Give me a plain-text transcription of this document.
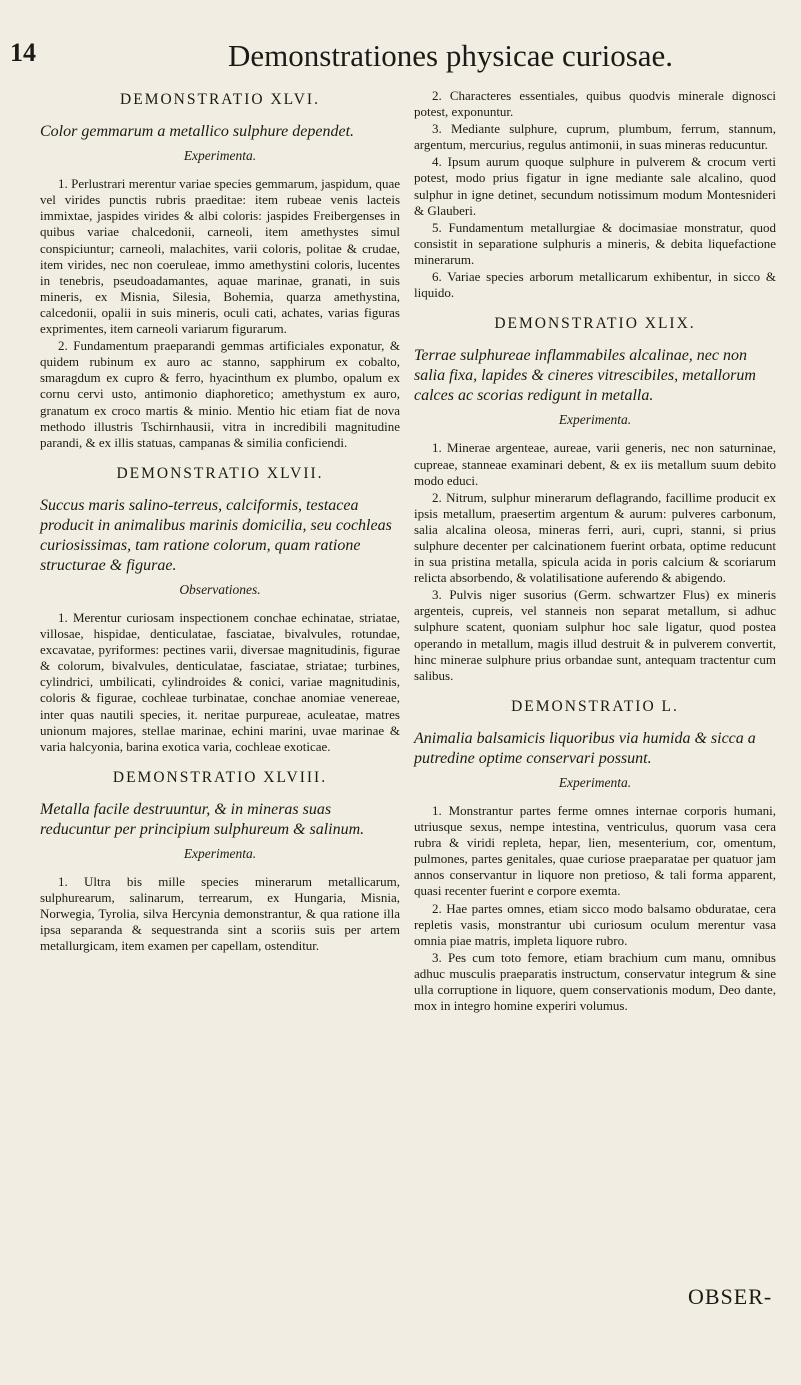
14	Demonstrationes physicae curiosae.
DEMONSTRATIO XLVI.
Color gemmarum a metallico sulphure dependet.
Experimenta.

1. Perlustrari merentur variae species gemmarum, jaspidum, quae vel virides punctis rubris praeditae: item rubeae venis lacteis immixtae, jaspides virides & albi coloris: jaspides Freibergenses in quibus variae chalcedonii, carneoli, item amethystes simul conspiciuntur; carneoli, malachites, varii coloris, politae & crudae, item virides, nec non coeruleae, immo amethystini coloris, lucentes in tenebris, pseudoadamantes, aquae marinae, granati, in suis mineris, ex Misnia, Silesia, Bohemia, quarza amethystina, calcedonii, opalii in suis mineris, oculi cati, achates, varias figuras exprimentes, item carneoli variarum figurarum.

2. Fundamentum praeparandi gemmas artificiales exponatur, & quidem rubinum ex auro ac stanno, sapphirum ex cobalto, smaragdum ex cupro & ferro, hyacinthum ex plumbo, opalum ex cornu cervi usto, antimonio diaphoretico; amethystum ex auro, granatum ex croco martis & minio. Mentio hic etiam fiat de nova methodo illustris Tschirnhausii, vitra in incredibili magnitudine parandi, & ex illis statuas, campanas & similia conficiendi.

DEMONSTRATIO XLVII.
Succus maris salino-terreus, calciformis, testacea producit in animalibus marinis domicilia, seu cochleas curiosissimas, tam ratione colorum, quam ratione structurae & figurae.
Observationes.

1. Merentur curiosam inspectionem conchae echinatae, striatae, villosae, hispidae, denticulatae, fasciatae, bivalvules, rotundae, excavatae, pyriformes: pectines varii, diversae magnitudinis, figurae & colorum, bivalvules, denticulatae, fasciatae, striatae; turbines, cylindrici, umbilicati, cylindroides & conici, variae magnitudinis, coloris & figurae, cochleae turbinatae, conchae anomiae venereae, inter quas nautili species, it. neritae purpureae, aculeatae, matres unionum majores, stellae marinae, echini marini, uvae marinae & varia halcyonia, barina exotica varia, cochleae exoticae.

DEMONSTRATIO XLVIII.
Metalla facile destruuntur, & in mineras suas reducuntur per principium sulphureum & salinum.
Experimenta.

1. Ultra bis mille species minerarum metallicarum, sulphurearum, salinarum, terrearum, ex Hungaria, Misnia, Norwegia, Tyrolia, silva Hercynia demonstrantur, & qua ratione illa ipsa separanda & sequestranda sint a scoriis suis per artem metallurgicam, item examen per capellam, ostenditur.

2. Characteres essentiales, quibus quodvis minerale dignosci potest, exponuntur.

3. Mediante sulphure, cuprum, plumbum, ferrum, stannum, argentum, mercurius, regulus antimonii, in suas mineras reducuntur.

4. Ipsum aurum quoque sulphure in pulverem & crocum verti potest, modo prius figatur in igne mediante sale alcalino, quod sulphur in igne detinet, secundum notissimum modum Montesnideri & Glauberi.

5. Fundamentum metallurgiae & docimasiae monstratur, quod consistit in separatione sulphuris a mineris, & debita liquefactione minerarum.

6. Variae species arborum metallicarum exhibentur, in sicco & liquido.

DEMONSTRATIO XLIX.
Terrae sulphureae inflammabiles alcalinae, nec non salia fixa, lapides & cineres vitrescibiles, metallorum calces ac scorias redigunt in metalla.
Experimenta.

1. Minerae argenteae, aureae, varii generis, nec non saturninae, cupreae, stanneae examinari debent, & ex iis metallum suum debito modo educi.

2. Nitrum, sulphur minerarum deflagrando, facillime producit ex ipsis metallum, praesertim argentum & aurum: pulveres carbonum, salia alcalina oleosa, mineras ferri, auri, cupri, stanni, si prius sulphure decenter per calcinationem fuerint orbata, optime reducunt in sua pristina metalla, spicula acida in poris calcium & scoriarum relicta absorbendo, & volatilisatione auferendo & abigendo.

3. Pulvis niger susorius (Germ. schwartzer Flus) ex mineris argenteis, cupreis, vel stanneis non separat metallum, si adhuc sulphure scatent, quoniam sulphur hoc sale ligatur, quod postea operando in metallum, magis illud destruit & in pulverem convertit, hinc minerae sulphure prius orbandae sunt, antequam tractentur cum salibus.

DEMONSTRATIO L.
Animalia balsamicis liquoribus via humida & sicca a putredine optime conservari possunt.
Experimenta.

1. Monstrantur partes ferme omnes internae corporis humani, utriusque sexus, nempe intestina, ventriculus, quorum vasa cera rubra & viridi repleta, hepar, lien, mesenterium, cor, omentum, pulmones, partes genitales, quae curiose praeparatae per quatuor jam annos conservantur in liquore non pretioso, & tali forma apparent, quasi recenter fuerint e corpore exemta.

2. Hae partes omnes, etiam sicco modo balsamo obduratae, cera repletis vasis, monstrantur ubi curiosum oculum merentur vasa omnia piae matris, impleta liquore rubro.

3. Pes cum toto femore, etiam brachium cum manu, omnibus adhuc musculis praeparatis instructum, conservatur integrum & sine ulla corruptione in liquore, quem conservationis modum, Deo dante, mox in integro homine experiri volumus.

OBSER-
